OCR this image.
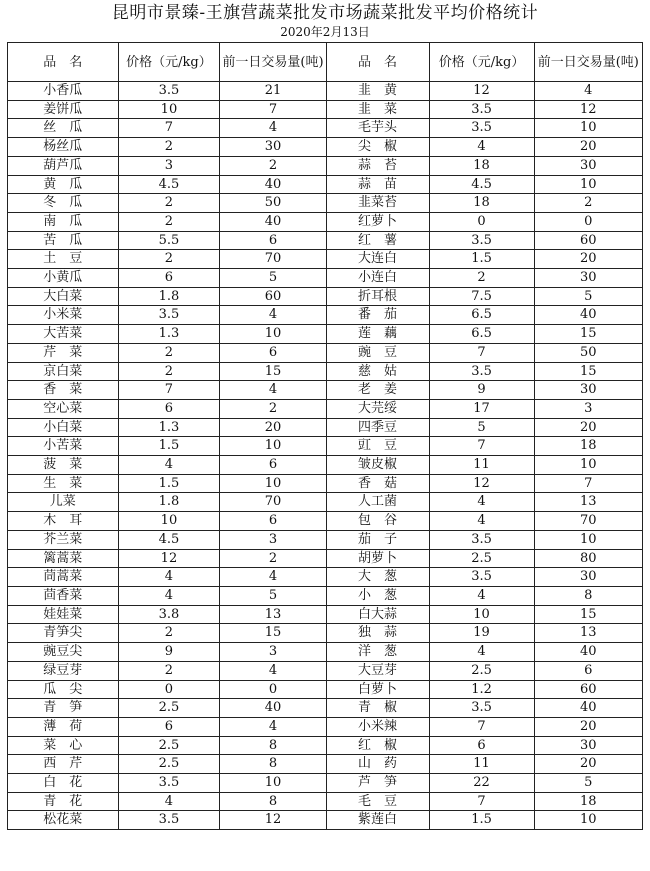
昆明市景臻-王旗营蔬菜批发市场蔬菜批发平均价格统计
2020年2月13日
品　名	价格（元/kg）	前一日交易量(吨)	品　名	价格（元/kg）	前一日交易量(吨)
小香瓜	3.5	21	韭　黄	12	4
姜饼瓜	10	7	韭　菜	3.5	12
丝　瓜	7	4	毛芋头	3.5	10
杨丝瓜	2	30	尖　椒	4	20
葫芦瓜	3	2	蒜　苔	18	30
黄　瓜	4.5	40	蒜　苗	4.5	10
冬　瓜	2	50	韭菜苔	18	2
南　瓜	2	40	红萝卜	0	0
苦　瓜	5.5	6	红　薯	3.5	60
土　豆	2	70	大连白	1.5	20
小黄瓜	6	5	小连白	2	30
大白菜	1.8	60	折耳根	7.5	5
小米菜	3.5	4	番　茄	6.5	40
大苦菜	1.3	10	莲　藕	6.5	15
芹　菜	2	6	豌　豆	7	50
京白菜	2	15	慈　姑	3.5	15
香　菜	7	4	老　姜	9	30
空心菜	6	2	大芫绥	17	3
小白菜	1.3	20	四季豆	5	20
小苦菜	1.5	10	豇　豆	7	18
菠　菜	4	6	皱皮椒	11	10
生　菜	1.5	10	香　菇	12	7
儿菜	1.8	70	人工菌	4	13
木　耳	10	6	包　谷	4	70
芥兰菜	4.5	3	茄　子	3.5	10
篱蒿菜	12	2	胡萝卜	2.5	80
茼蒿菜	4	4	大　葱	3.5	30
茴香菜	4	5	小　葱	4	8
娃娃菜	3.8	13	白大蒜	10	15
青笋尖	2	15	独　蒜	19	13
豌豆尖	9	3	洋　葱	4	40
绿豆芽	2	4	大豆芽	2.5	6
瓜　尖	0	0	白萝卜	1.2	60
青　笋	2.5	40	青　椒	3.5	40
薄　荷	6	4	小米辣	7	20
菜　心	2.5	8	红　椒	6	30
西　芹	2.5	8	山　药	11	20
白　花	3.5	10	芦　笋	22	5
青　花	4	8	毛　豆	7	18
松花菜	3.5	12	紫莲白	1.5	10
